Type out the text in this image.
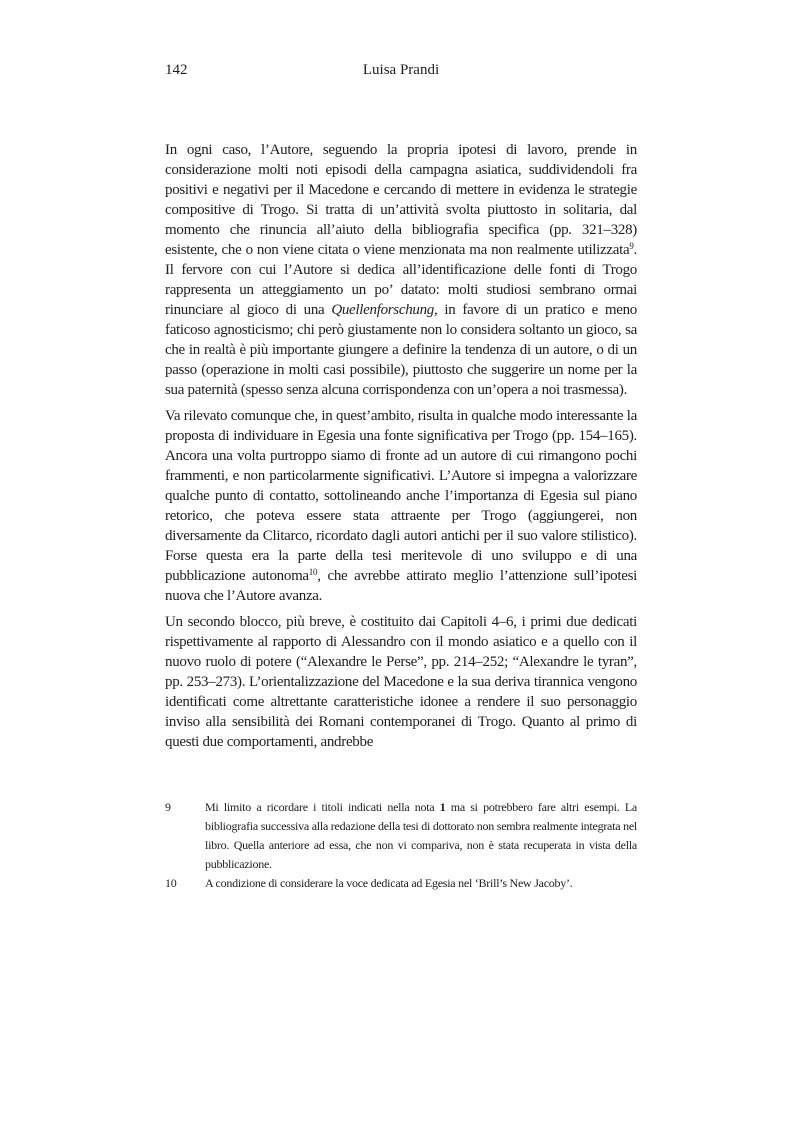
142	Luisa Prandi

In ogni caso, l’Autore, seguendo la propria ipotesi di lavoro, prende in considerazione molti noti episodi della campagna asiatica, suddividendoli fra positivi e negativi per il Macedone e cercando di mettere in evidenza le strategie compositive di Trogo. Si tratta di un’attività svolta piuttosto in solitaria, dal momento che rinuncia all’aiuto della bibliografia specifica (pp. 321–328) esistente, che o non viene citata o viene menzionata ma non realmente utilizzata$^9$. Il fervore con cui l’Autore si dedica all’identificazione delle fonti di Trogo rappresenta un atteggiamento un po’ datato: molti studiosi sembrano ormai rinunciare al gioco di una Quellenforschung, in favore di un pratico e meno faticoso agnosticismo; chi però giustamente non lo considera soltanto un gioco, sa che in realtà è più importante giungere a definire la tendenza di un autore, o di un passo (operazione in molti casi possibile), piuttosto che suggerire un nome per la sua paternità (spesso senza alcuna corrispondenza con un’opera a noi trasmessa).

Va rilevato comunque che, in quest’ambito, risulta in qualche modo interessante la proposta di individuare in Egesia una fonte significativa per Trogo (pp. 154–165). Ancora una volta purtroppo siamo di fronte ad un autore di cui rimangono pochi frammenti, e non particolarmente significativi. L’Autore si impegna a valorizzare qualche punto di contatto, sottolineando anche l’importanza di Egesia sul piano retorico, che poteva essere stata attraente per Trogo (aggiungerei, non diversamente da Clitarco, ricordato dagli autori antichi per il suo valore stilistico). Forse questa era la parte della tesi meritevole di uno sviluppo e di una pubblicazione autonoma$^{10}$, che avrebbe attirato meglio l’attenzione sull’ipotesi nuova che l’Autore avanza.

Un secondo blocco, più breve, è costituito dai Capitoli 4–6, i primi due dedicati rispettivamente al rapporto di Alessandro con il mondo asiatico e a quello con il nuovo ruolo di potere (“Alexandre le Perse”, pp. 214–252; “Alexandre le tyran”, pp. 253–273). L’orientalizzazione del Macedone e la sua deriva tirannica vengono identificati come altrettante caratteristiche idonee a rendere il suo personaggio inviso alla sensibilità dei Romani contemporanei di Trogo. Quanto al primo di questi due comportamenti, andrebbe

9	Mi limito a ricordare i titoli indicati nella nota 1 ma si potrebbero fare altri esempi. La bibliografia successiva alla redazione della tesi di dottorato non sembra realmente integrata nel libro. Quella anteriore ad essa, che non vi compariva, non è stata recuperata in vista della pubblicazione.
10	A condizione di considerare la voce dedicata ad Egesia nel ‘Brill’s New Jacoby’.
